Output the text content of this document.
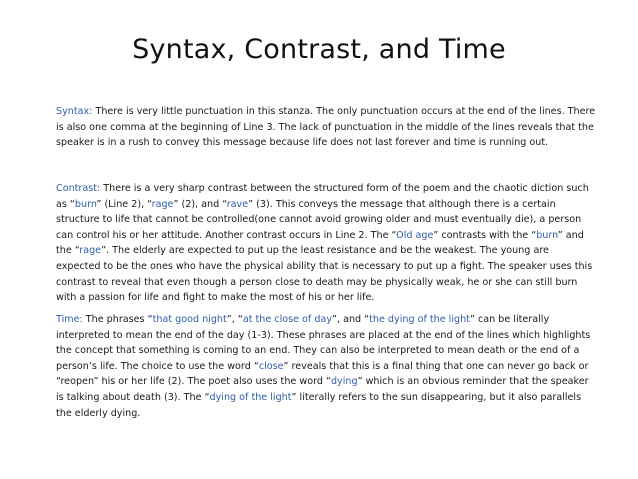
Syntax, Contrast, and Time

Syntax: There is very little punctuation in this stanza. The only punctuation occurs at the end of the lines. There is also one comma at the beginning of Line 3. The lack of punctuation in the middle of the lines reveals that the speaker is in a rush to convey this message because life does not last forever and time is running out.

Contrast: There is a very sharp contrast between the structured form of the poem and the chaotic diction such as “burn” (Line 2), “rage” (2), and “rave” (3). This conveys the message that although there is a certain structure to life that cannot be controlled(one cannot avoid growing older and must eventually die), a person can control his or her attitude. Another contrast occurs in Line 2. The “Old age” contrasts with the “burn” and the “rage”. The elderly are expected to put up the least resistance and be the weakest. The young are expected to be the ones who have the physical ability that is necessary to put up a fight. The speaker uses this contrast to reveal that even though a person close to death may be physically weak, he or she can still burn with a passion for life and fight to make the most of his or her life.

Time: The phrases “that good night”, “at the close of day”, and “the dying of the light” can be literally interpreted to mean the end of the day (1-3). These phrases are placed at the end of the lines which highlights the concept that something is coming to an end. They can also be interpreted to mean death or the end of a person’s life. The choice to use the word “close” reveals that this is a final thing that one can never go back or “reopen” his or her life (2). The poet also uses the word “dying” which is an obvious reminder that the speaker is talking about death (3). The “dying of the light” literally refers to the sun disappearing, but it also parallels the elderly dying.
